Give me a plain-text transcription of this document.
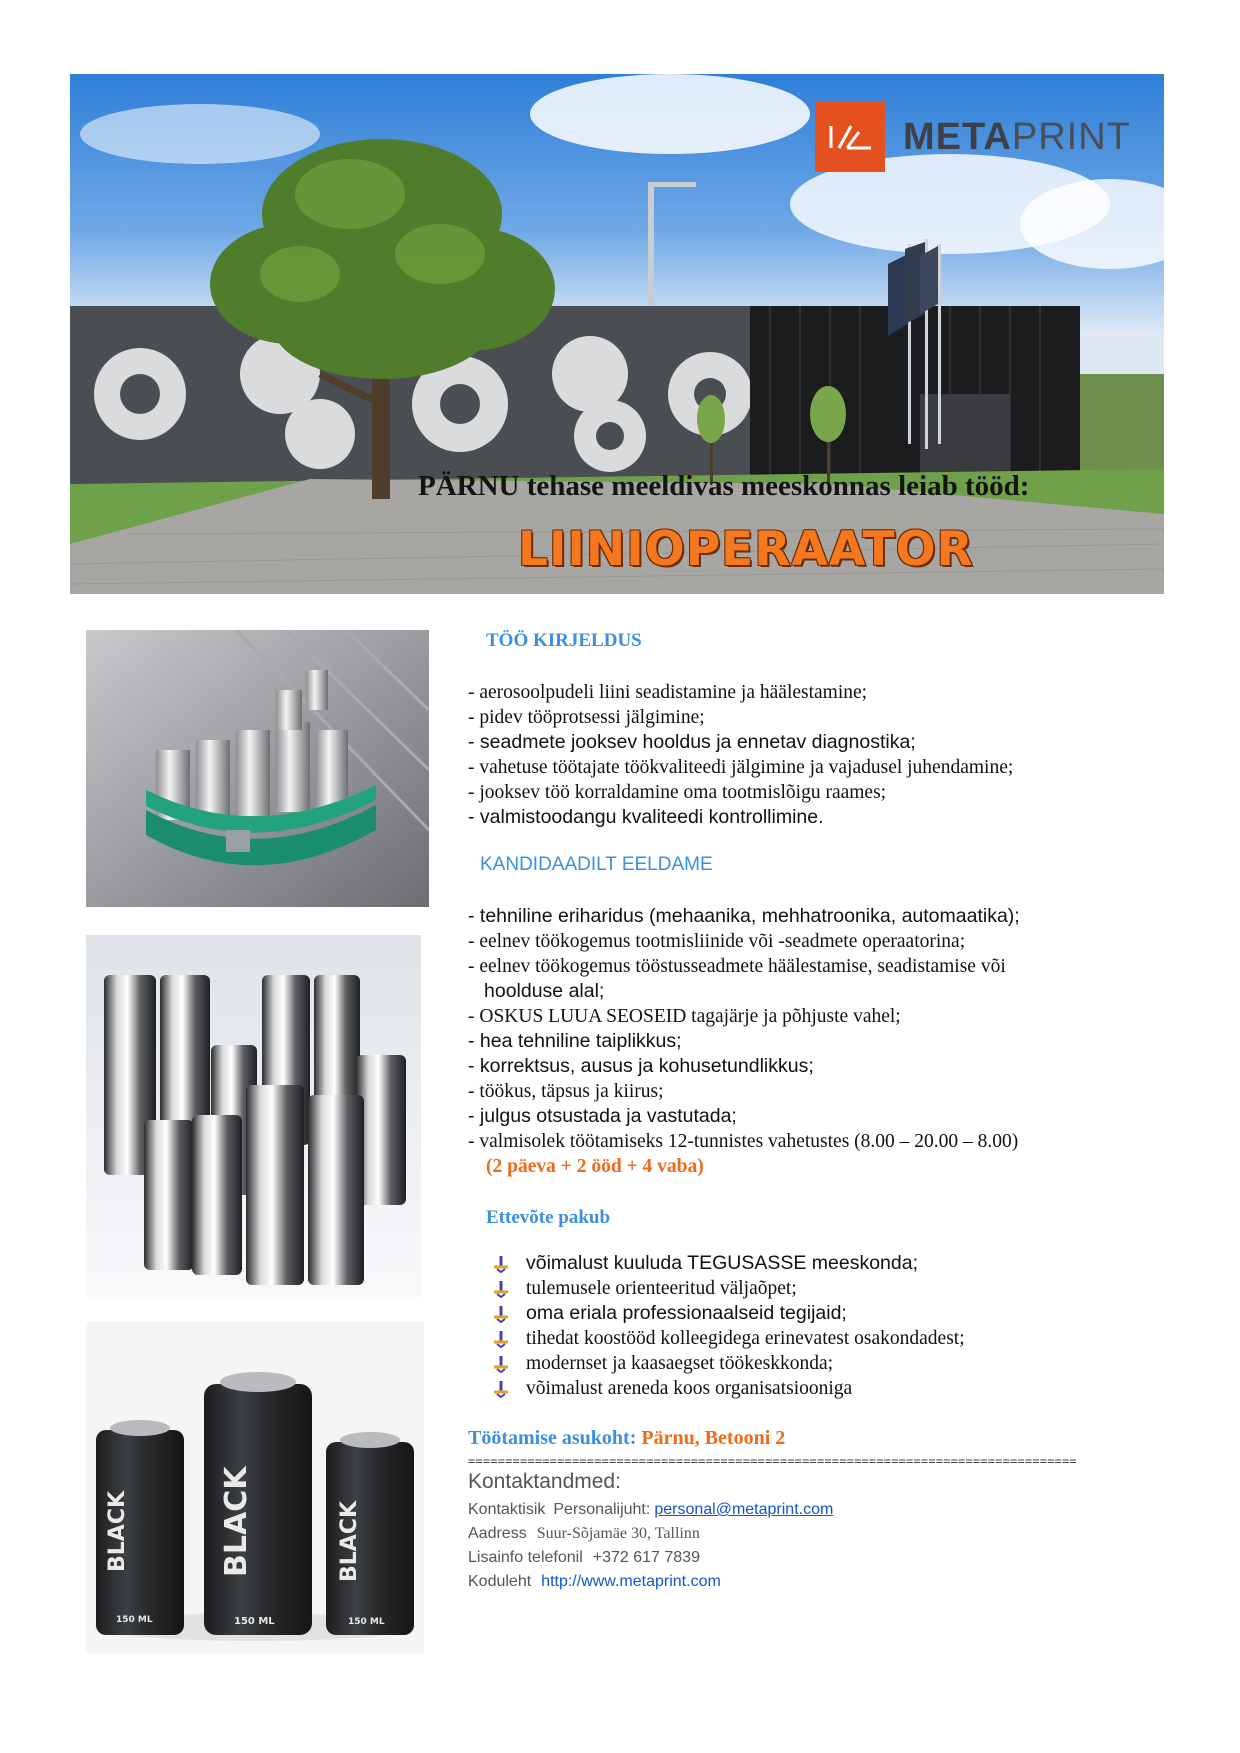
METAPRINT
PÄRNU tehase meeldivas meeskonnas leiab tööd:
LIINIOPERAATOR
BLACK	BLACK	BLACK
150 ML	150 ML	150 ML
TÖÖ KIRJELDUS
- aerosoolpudeli liini seadistamine ja häälestamine;
- pidev tööprotsessi jälgimine;
- seadmete jooksev hooldus ja ennetav diagnostika;
- vahetuse töötajate töökvaliteedi jälgimine ja vajadusel juhendamine;
- jooksev töö korraldamine oma tootmislõigu raames;
- valmistoodangu kvaliteedi kontrollimine.
KANDIDAADILT EELDAME
- tehniline eriharidus (mehaanika, mehhatroonika, automaatika);
- eelnev töökogemus tootmisliinide või -seadmete operaatorina;
- eelnev töökogemus tööstusseadmete häälestamise, seadistamise või
hoolduse alal;
- OSKUS LUUA SEOSEID tagajärje ja põhjuste vahel;
- hea tehniline taiplikkus;
- korrektsus, ausus ja kohusetundlikkus;
- töökus, täpsus ja kiirus;
- julgus otsustada ja vastutada;
- valmisolek töötamiseks 12-tunnistes vahetustes (8.00 – 20.00 – 8.00)
(2 päeva + 2 ööd + 4 vaba)
Ettevõte pakub
võimalust kuuluda TEGUSASSE meeskonda;
tulemusele orienteeritud väljaõpet;
oma eriala professionaalseid tegijaid;
tihedat koostööd kolleegidega erinevatest osakondadest;
modernset ja kaasaegset töökeskkonda;
võimalust areneda koos organisatsiooniga
Töötamise asukoht: Pärnu, Betooni 2
==================================================================================
Kontaktandmed:
Kontaktisik Personalijuht: personal@metaprint.com
Aadress Suur-Sõjamäe 30, Tallinn
Lisainfo telefonil +372 617 7839
Koduleht http://www.metaprint.com
